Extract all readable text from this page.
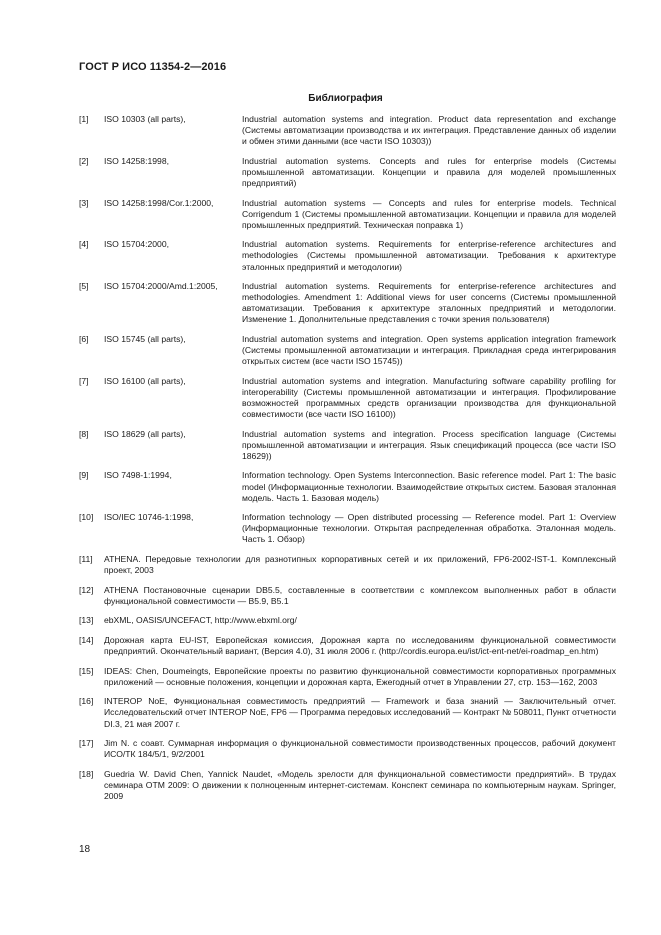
ГОСТ Р ИСО 11354-2—2016
Библиография
[1] ISO 10303 (all parts),	Industrial automation systems and integration. Product data representation and exchange (Системы автоматизации производства и их интеграция. Представление данных об изделии и обмен этими данными (все части ISO 10303))
[2] ISO 14258:1998,	Industrial automation systems. Concepts and rules for enterprise models (Системы промышленной автоматизации. Концепции и правила для моделей промышленных предприятий)
[3] ISO 14258:1998/Cor.1:2000,	Industrial automation systems — Concepts and rules for enterprise models. Technical Corrigendum 1 (Системы промышленной автоматизации. Концепции и правила для моделей промышленных предприятий. Техническая поправка 1)
[4] ISO 15704:2000,	Industrial automation systems. Requirements for enterprise-reference architectures and methodologies (Системы промышленной автоматизации. Требования к архитектуре эталонных предприятий и методологии)
[5] ISO 15704:2000/Amd.1:2005,	Industrial automation systems. Requirements for enterprise-reference architectures and methodologies. Amendment 1: Additional views for user concerns (Системы промышленной автоматизации. Требования к архитектуре эталонных предприятий и методологии. Изменение 1. Дополнительные представления с точки зрения пользователя)
[6] ISO 15745 (all parts),	Industrial automation systems and integration. Open systems application integration framework (Системы промышленной автоматизации и интеграция. Прикладная среда интегрирования открытых систем (все части ISO 15745))
[7] ISO 16100 (all parts),	Industrial automation systems and integration. Manufacturing software capability profiling for interoperability (Системы промышленной автоматизации и интеграция. Профилирование возможностей программных средств организации производства для функциональной совместимости (все части ISO 16100))
[8] ISO 18629 (all parts),	Industrial automation systems and integration. Process specification language (Системы промышленной автоматизации и интеграция. Язык спецификаций процесса (все части ISO 18629))
[9] ISO 7498-1:1994,	Information technology. Open Systems Interconnection. Basic reference model. Part 1: The basic model (Информационные технологии. Взаимодействие открытых систем. Базовая эталонная модель. Часть 1. Базовая модель)
[10] ISO/IEC 10746-1:1998,	Information technology — Open distributed processing — Reference model. Part 1: Overview (Информационные технологии. Открытая распределенная обработка. Эталонная модель. Часть 1. Обзор)
[11] ATHENA. Передовые технологии для разнотипных корпоративных сетей и их приложений, FP6-2002-IST-1. Комплексный проект, 2003
[12] ATHENA Постановочные сценарии DB5.5, составленные в соответствии с комплексом выполненных работ в области функциональной совместимости — B5.9, B5.1
[13] ebXML, OASIS/UNCEFACT, http://www.ebxml.org/
[14] Дорожная карта EU-IST, Европейская комиссия, Дорожная карта по исследованиям функциональной совместимости предприятий. Окончательный вариант, (Версия 4.0), 31 июля 2006 г. (http://cordis.europa.eu/ist/ict-ent-net/ei-roadmap_en.htm)
[15] IDEAS: Chen, Doumeingts, Европейские проекты по развитию функциональной совместимости корпоративных программных приложений — основные положения, концепции и дорожная карта, Ежегодный отчет в Управлении 27, стр. 153—162, 2003
[16] INTEROP NoE, Функциональная совместимость предприятий — Framework и база знаний — Заключительный отчет. Исследовательский отчет INTEROP NoE, FP6 — Программа передовых исследований — Контракт № 508011, Пункт отчетности DI.3, 21 мая 2007 г.
[17] Jim N. с соавт. Суммарная информация о функциональной совместимости производственных процессов, рабочий документ ИСО/ТК 184/5/1, 9/2/2001
[18] Guedria W. David Chen, Yannick Naudet, «Модель зрелости для функциональной совместимости предприятий». В трудах семинара ОТМ 2009: О движении к полноценным интернет-системам. Конспект семинара по компьютерным наукам. Springer, 2009
18
